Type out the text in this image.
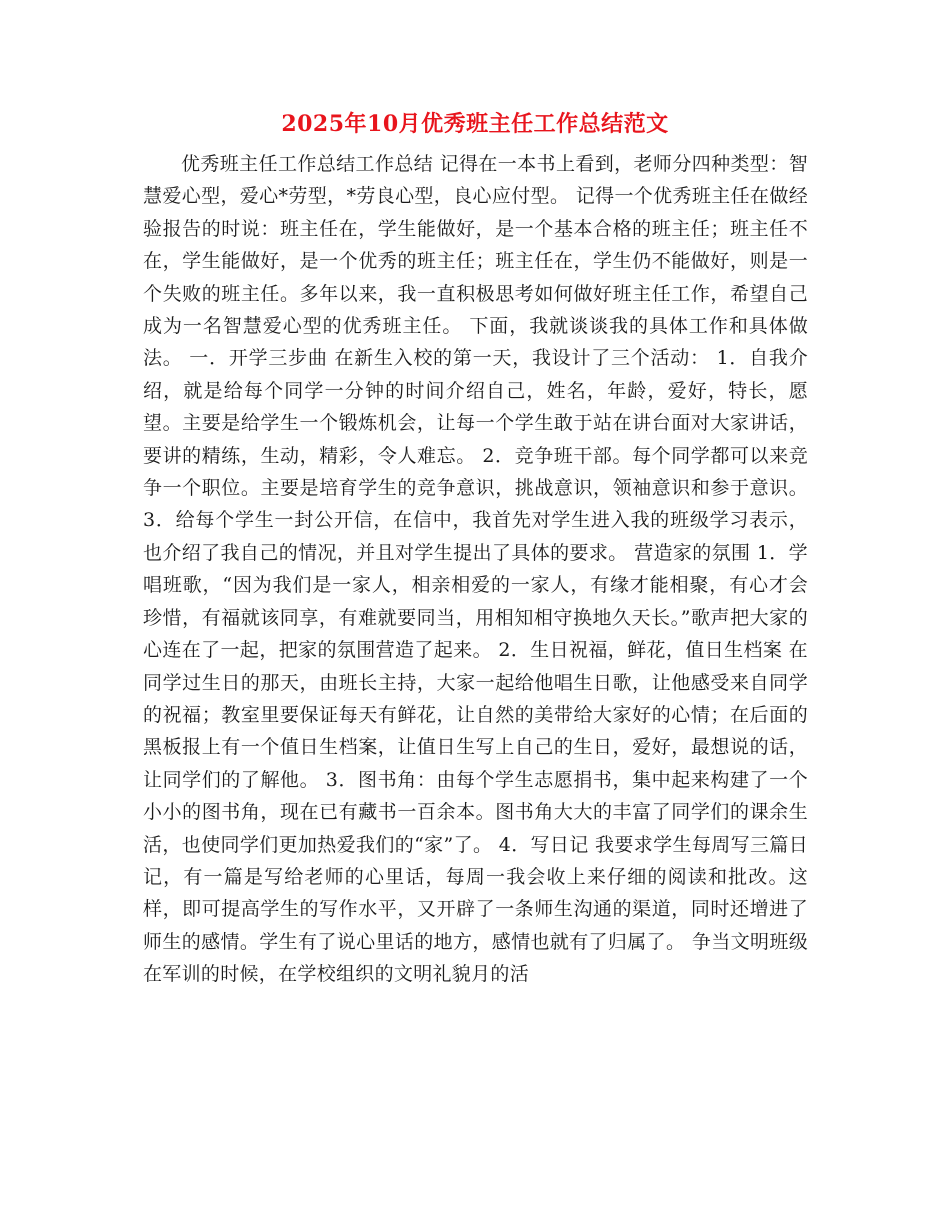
2025年10月优秀班主任工作总结范文

优秀班主任工作总结工作总结 记得在一本书上看到，老师分四种类型：智慧爱心型，爱心*劳型，*劳良心型，良心应付型。 记得一个优秀班主任在做经验报告的时说：班主任在，学生能做好，是一个基本合格的班主任；班主任不在，学生能做好，是一个优秀的班主任；班主任在，学生仍不能做好，则是一个失败的班主任。多年以来，我一直积极思考如何做好班主任工作，希望自己成为一名智慧爱心型的优秀班主任。 下面，我就谈谈我的具体工作和具体做法。 一．开学三步曲 在新生入校的第一天，我设计了三个活动： 1．自我介绍，就是给每个同学一分钟的时间介绍自己，姓名，年龄，爱好，特长，愿望。主要是给学生一个锻炼机会，让每一个学生敢于站在讲台面对大家讲话，要讲的精练，生动，精彩，令人难忘。 2．竞争班干部。每个同学都可以来竞争一个职位。主要是培育学生的竞争意识，挑战意识，领袖意识和参于意识。 3．给每个学生一封公开信，在信中，我首先对学生进入我的班级学习表示，也介绍了我自己的情况，并且对学生提出了具体的要求。 营造家的氛围 1．学唱班歌，“因为我们是一家人，相亲相爱的一家人，有缘才能相聚，有心才会珍惜，有福就该同享，有难就要同当，用相知相守换地久天长。”歌声把大家的心连在了一起，把家的氛围营造了起来。 2．生日祝福，鲜花，值日生档案 在同学过生日的那天，由班长主持，大家一起给他唱生日歌，让他感受来自同学的祝福；教室里要保证每天有鲜花，让自然的美带给大家好的心情；在后面的黑板报上有一个值日生档案，让值日生写上自己的生日，爱好，最想说的话，让同学们的了解他。 3．图书角：由每个学生志愿捐书，集中起来构建了一个小小的图书角，现在已有藏书一百余本。图书角大大的丰富了同学们的课余生活，也使同学们更加热爱我们的“家”了。 4．写日记 我要求学生每周写三篇日记，有一篇是写给老师的心里话，每周一我会收上来仔细的阅读和批改。这样，即可提高学生的写作水平，又开辟了一条师生沟通的渠道，同时还增进了师生的感情。学生有了说心里话的地方，感情也就有了归属了。 争当文明班级 在军训的时候，在学校组织的文明礼貌月的活
